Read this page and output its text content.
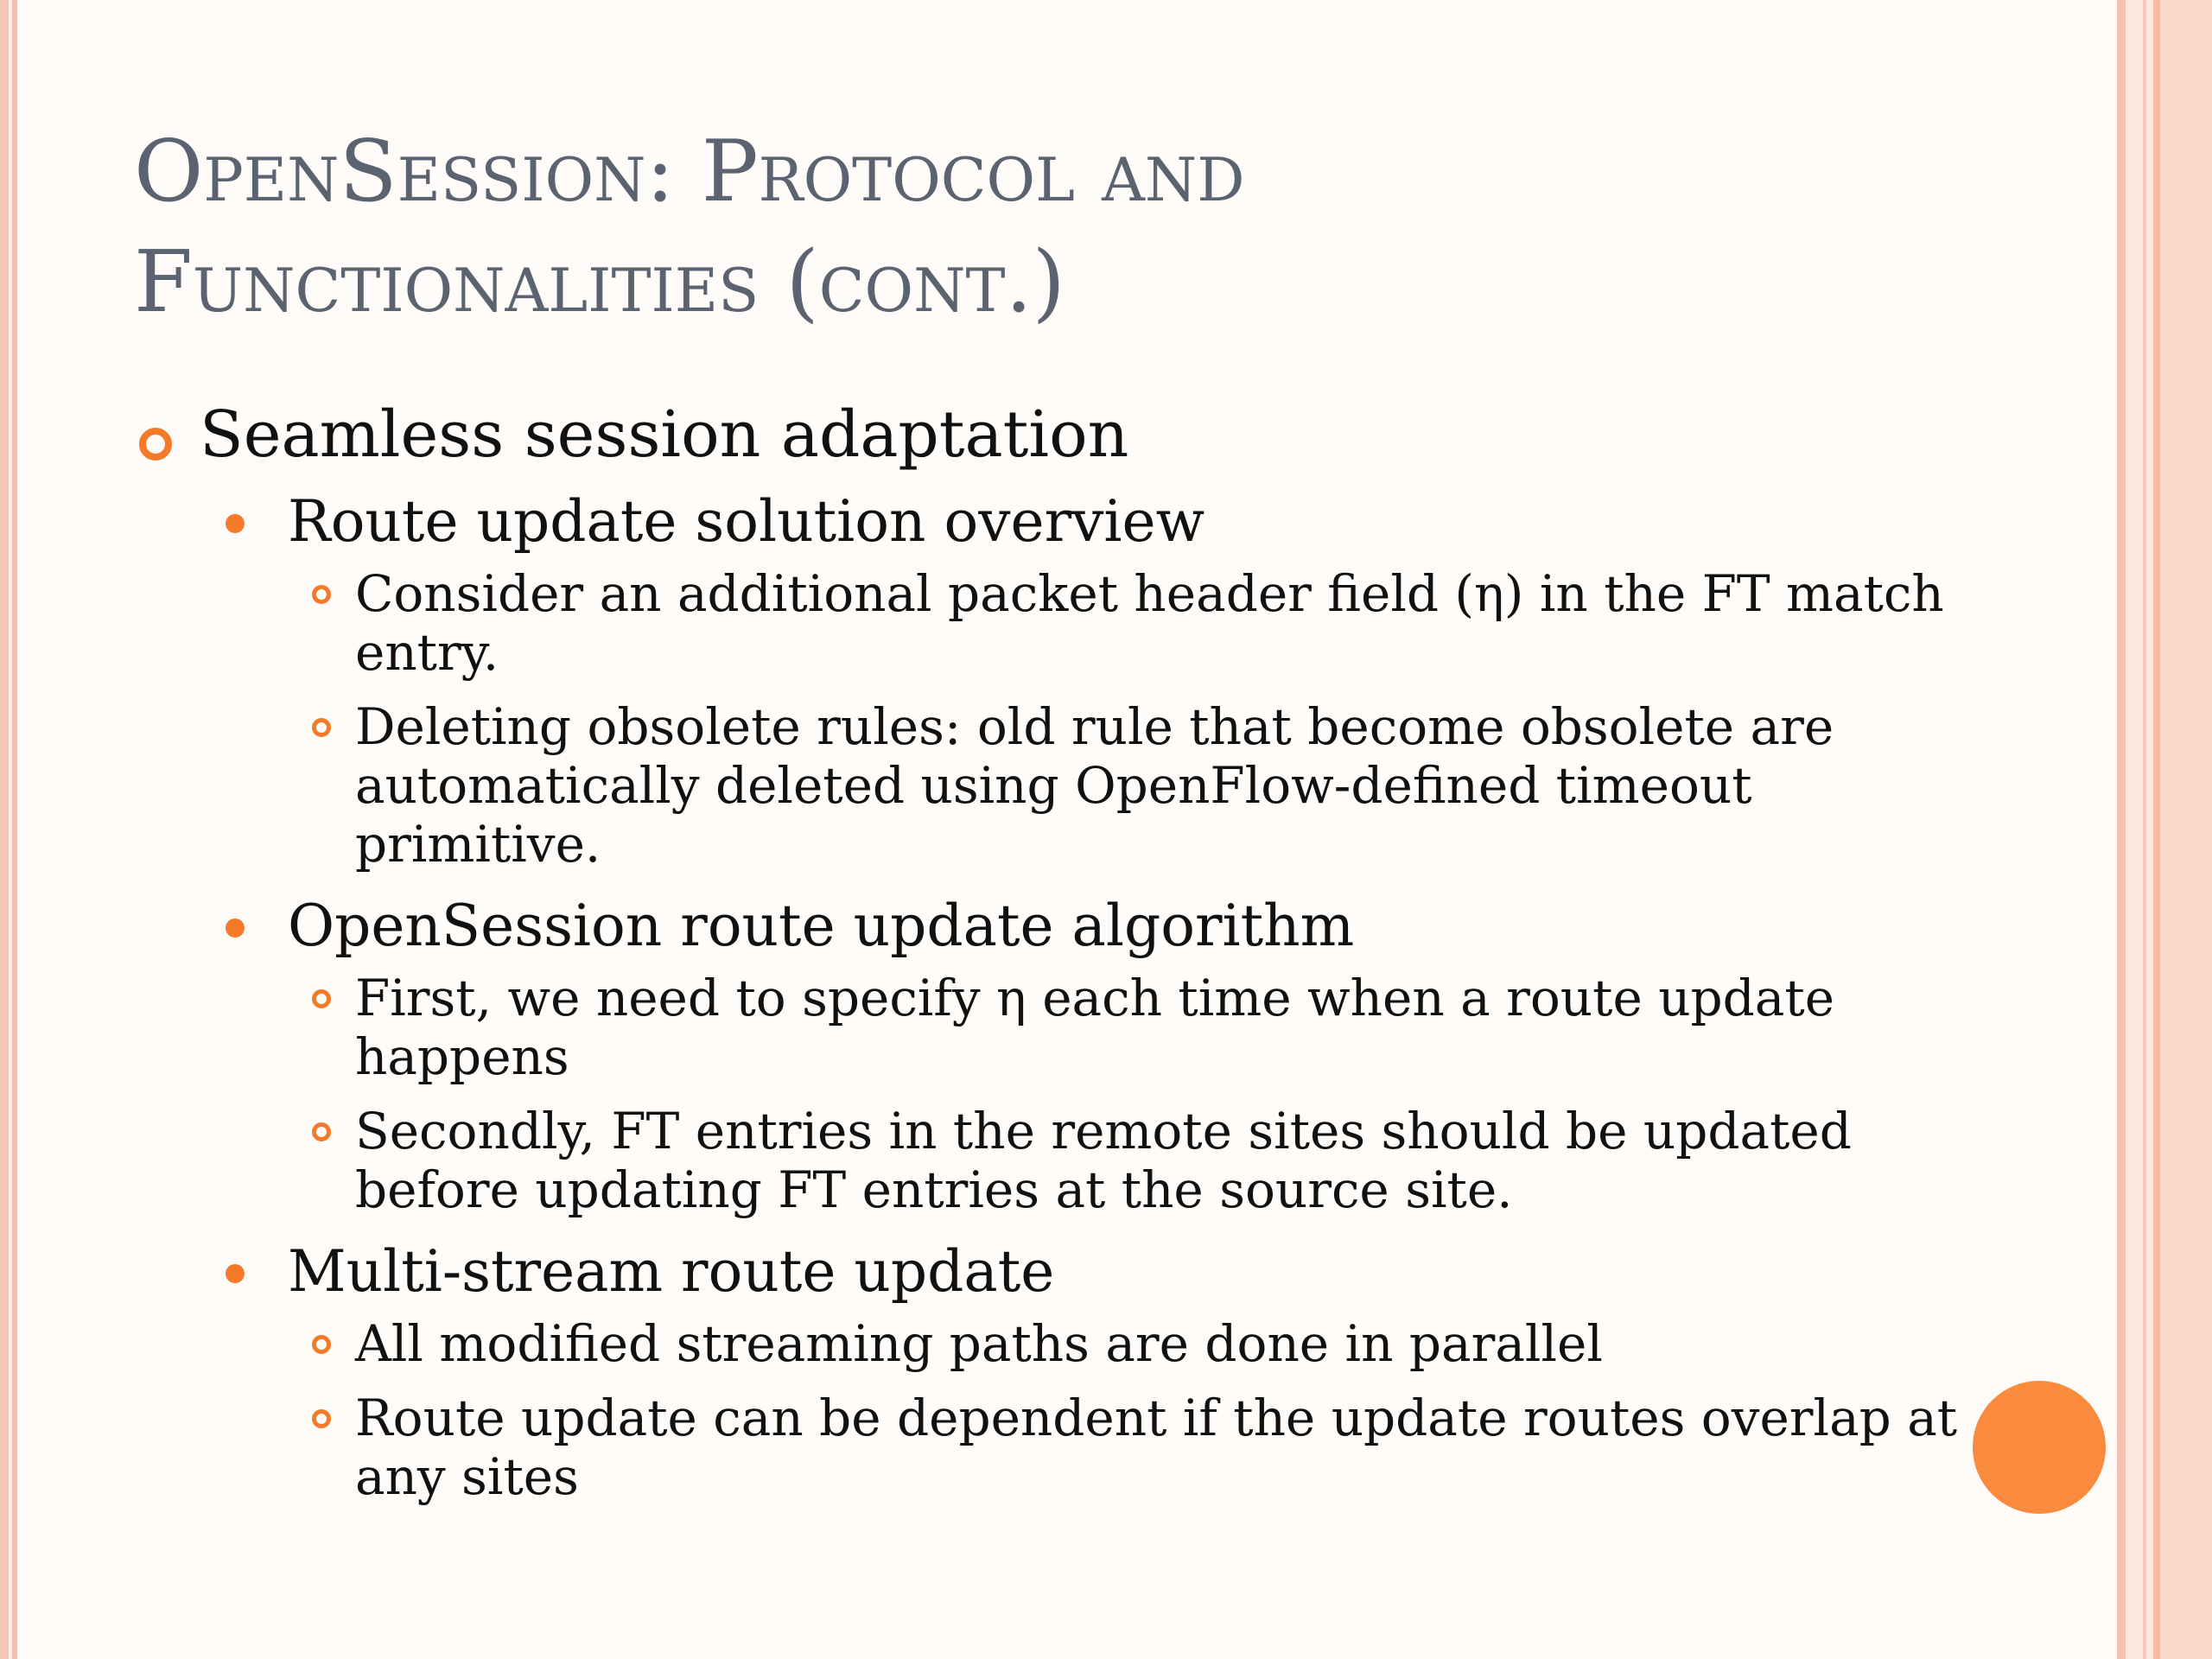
OpenSession: Protocol and
Functionalities (cont.)
Seamless session adaptation
Route update solution overview
Consider an additional packet header field (η) in the FT match entry.
Deleting obsolete rules: old rule that become obsolete are automatically deleted using OpenFlow-defined timeout primitive.
OpenSession route update algorithm
First, we need to specify η each time when a route update happens
Secondly, FT entries in the remote sites should be updated before updating FT entries at the source site.
Multi-stream route update
All modified streaming paths are done in parallel
Route update can be dependent if the update routes overlap at any sites
